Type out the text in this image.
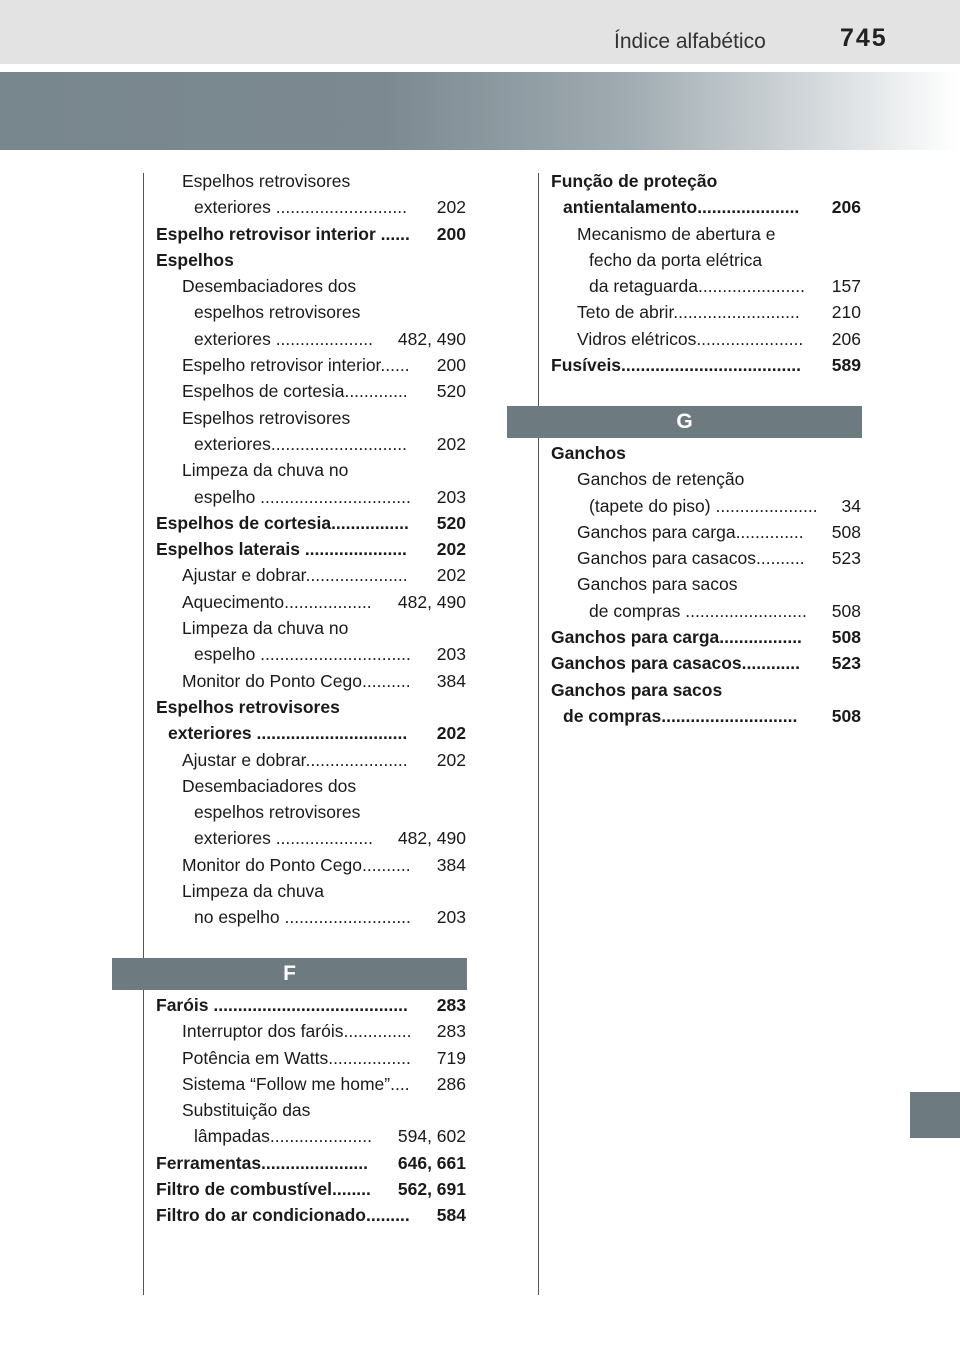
Índice alfabético	745
Espelhos retrovisores
exteriores ........................... 202
Espelho retrovisor interior ...... 200
Espelhos
Desembaciadores dos
espelhos retrovisores
exteriores .................... 482, 490
Espelho retrovisor interior...... 200
Espelhos de cortesia............. 520
Espelhos retrovisores
exteriores............................ 202
Limpeza da chuva no
espelho ............................... 203
Espelhos de cortesia................ 520
Espelhos laterais ..................... 202
Ajustar e dobrar..................... 202
Aquecimento.................. 482, 490
Limpeza da chuva no
espelho ............................... 203
Monitor do Ponto Cego.......... 384
Espelhos retrovisores
exteriores ............................... 202
Ajustar e dobrar..................... 202
Desembaciadores dos
espelhos retrovisores
exteriores .................... 482, 490
Monitor do Ponto Cego.......... 384
Limpeza da chuva
no espelho .......................... 203
F
Faróis ........................................ 283
Interruptor dos faróis.............. 283
Potência em Watts................. 719
Sistema “Follow me home”.... 286
Substituição das
lâmpadas..................... 594, 602
Ferramentas...................... 646, 661
Filtro de combustível........ 562, 691
Filtro do ar condicionado......... 584
Função de proteção
antientalamento..................... 206
Mecanismo de abertura e
fecho da porta elétrica
da retaguarda...................... 157
Teto de abrir.......................... 210
Vidros elétricos...................... 206
Fusíveis..................................... 589
G
Ganchos
Ganchos de retenção
(tapete do piso) ..................... 34
Ganchos para carga.............. 508
Ganchos para casacos.......... 523
Ganchos para sacos
de compras ......................... 508
Ganchos para carga................. 508
Ganchos para casacos............ 523
Ganchos para sacos
de compras............................ 508
